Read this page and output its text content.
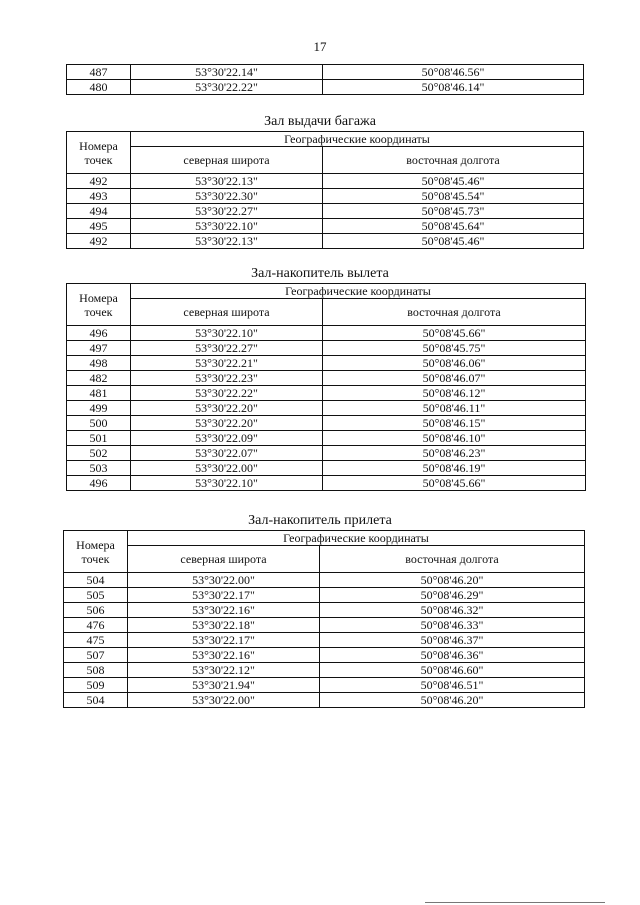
17
487	53°30'22.14"	50°08'46.56"
480	53°30'22.22"	50°08'46.14"
Зал выдачи багажа
Номера точек	Географические координаты	
	северная широта	восточная долгота
492	53°30'22.13"	50°08'45.46"
493	53°30'22.30"	50°08'45.54"
494	53°30'22.27"	50°08'45.73"
495	53°30'22.10"	50°08'45.64"
492	53°30'22.13"	50°08'45.46"
Зал-накопитель вылета
Номера точек	Географические координаты	
	северная широта	восточная долгота
496	53°30'22.10"	50°08'45.66"
497	53°30'22.27"	50°08'45.75"
498	53°30'22.21"	50°08'46.06"
482	53°30'22.23"	50°08'46.07"
481	53°30'22.22"	50°08'46.12"
499	53°30'22.20"	50°08'46.11"
500	53°30'22.20"	50°08'46.15"
501	53°30'22.09"	50°08'46.10"
502	53°30'22.07"	50°08'46.23"
503	53°30'22.00"	50°08'46.19"
496	53°30'22.10"	50°08'45.66"
Зал-накопитель прилета
Номера точек	Географические координаты	
	северная широта	восточная долгота
504	53°30'22.00"	50°08'46.20"
505	53°30'22.17"	50°08'46.29"
506	53°30'22.16"	50°08'46.32"
476	53°30'22.18"	50°08'46.33"
475	53°30'22.17"	50°08'46.37"
507	53°30'22.16"	50°08'46.36"
508	53°30'22.12"	50°08'46.60"
509	53°30'21.94"	50°08'46.51"
504	53°30'22.00"	50°08'46.20"
